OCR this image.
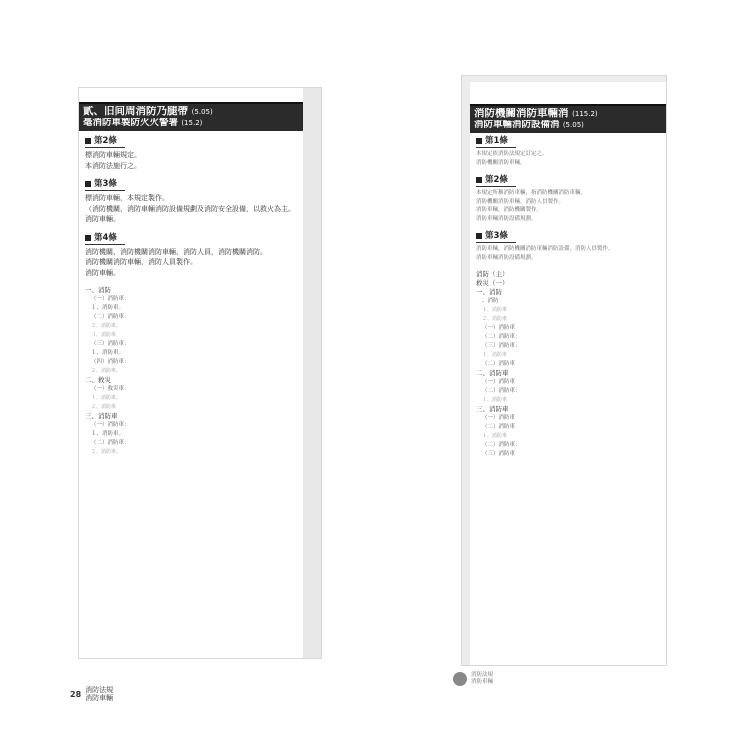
貳、旧间周消防乃腿帶 (5.05)
毫消防車製防火火警署 (15.2)
第2條
標消防車輛規定。
本消防法施行之。
第3條
標消防車輛，本規定製作。
（消防機關、消防車輛消防設備規劃及消防安全設備，以救火為主。
消防車輛。
第4條
消防機關、消防機關消防車輛、消防人員，消防機關消防。
消防機關消防車輛，消防人員製作。
消防車輛。
一、消防
（一）消防車：
１、消防車。
（二）消防車：
２、消防車。
３、消防車
（三）消防車：
１、消防車。
（四）消防車：
２、消防車。
二、救災
（一）救災車：
１、消防車。
２、消防車
三、消防車
（一）消防車：
１、消防車。
（二）消防車：
２、消防車。
消防機關消防車輛消 (115.2)
消防車輛消防設備消 (5.05)
第1條
本規定依消防法規定訂定之。
消防機關消防車輛。
第2條
本規定所稱消防車輛，指消防機關消防車輛。
消防機關消防車輛，消防人員製作。
消防車輛，消防機關製作。
消防車輛消防設備規劃。
第3條
消防車輛，消防機關消防車輛消防設備，消防人員製作。
消防車輛消防設備規劃。
消防（主）
救災（一）
一、消防
、消防
１、消防車
２、消防車
（一）消防車
（二）消防車：
（三）消防車：
１、消防車
（二）消防車
二、消防車
（一）消防車
（二）消防車：
１、消防車
三、消防車
（一）消防車
（二）消防車
１、消防車
（二）消防車：
（三）消防車
28 消防法規
消防車輛
消防法規
消防車輛
